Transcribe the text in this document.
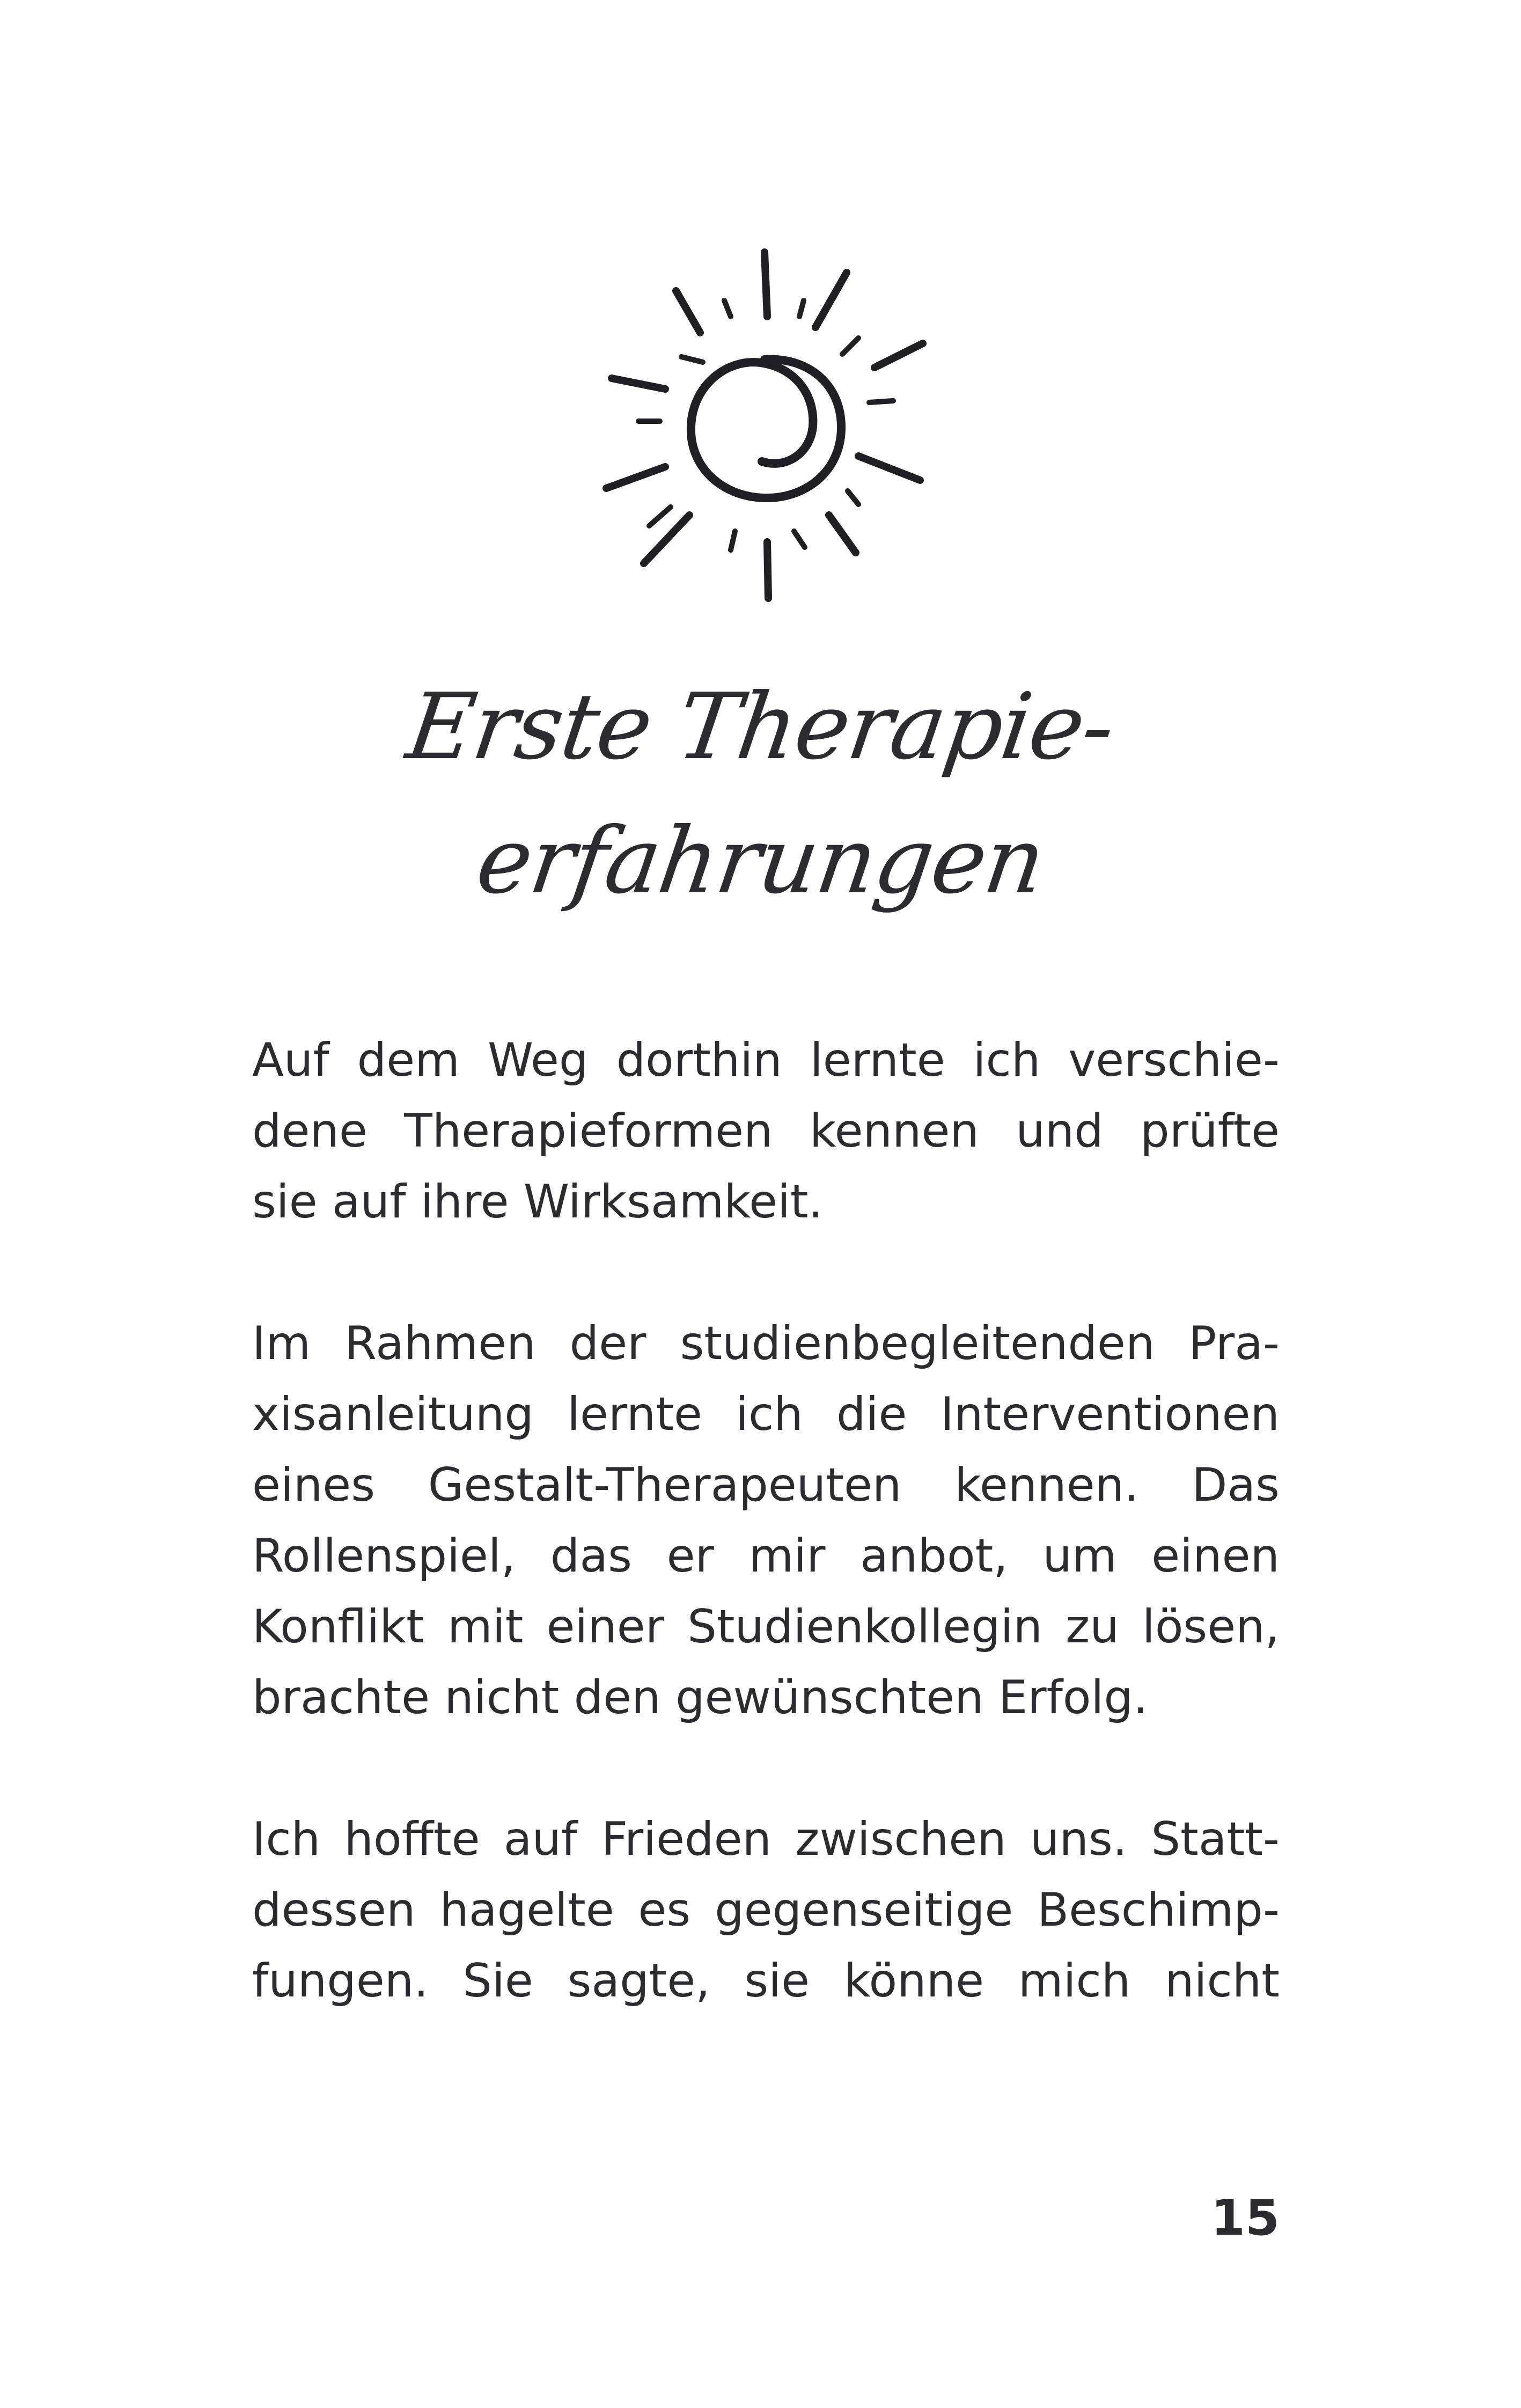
Erste Therapie-
erfahrungen

Auf dem Weg dorthin lernte ich verschie-
dene Therapieformen kennen und prüfte
sie auf ihre Wirksamkeit.

Im Rahmen der studienbegleitenden Pra-
xisanleitung lernte ich die Interventionen
eines Gestalt-Therapeuten kennen. Das
Rollenspiel, das er mir anbot, um einen
Konflikt mit einer Studienkollegin zu lösen,
brachte nicht den gewünschten Erfolg.

Ich hoffte auf Frieden zwischen uns. Statt-
dessen hagelte es gegenseitige Beschimp-
fungen. Sie sagte, sie könne mich nicht

15
